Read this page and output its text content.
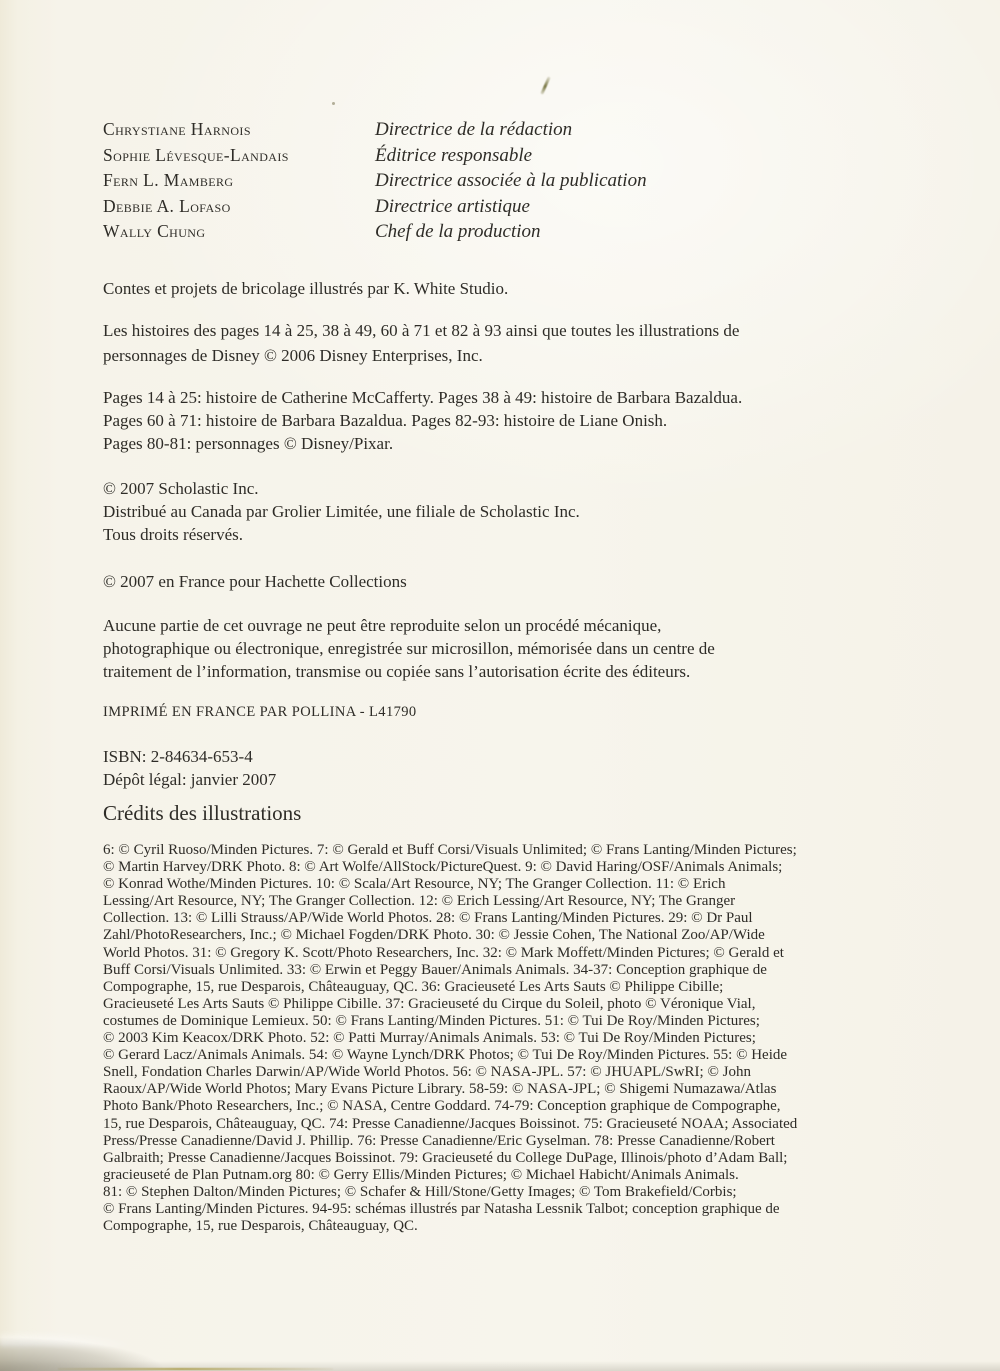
Chrystiane Harnois	Directrice de la rédaction
Sophie Lévesque-Landais	Éditrice responsable
Fern L. Mamberg	Directrice associée à la publication
Debbie A. Lofaso	Directrice artistique
Wally Chung	Chef de la production
Contes et projets de bricolage illustrés par K. White Studio.
Les histoires des pages 14 à 25, 38 à 49, 60 à 71 et 82 à 93 ainsi que toutes les illustrations de
personnages de Disney © 2006 Disney Enterprises, Inc.
Pages 14 à 25: histoire de Catherine McCafferty. Pages 38 à 49: histoire de Barbara Bazaldua.
Pages 60 à 71: histoire de Barbara Bazaldua. Pages 82-93: histoire de Liane Onish.
Pages 80-81: personnages © Disney/Pixar.
© 2007 Scholastic Inc.
Distribué au Canada par Grolier Limitée, une filiale de Scholastic Inc.
Tous droits réservés.
© 2007 en France pour Hachette Collections
Aucune partie de cet ouvrage ne peut être reproduite selon un procédé mécanique,
photographique ou électronique, enregistrée sur microsillon, mémorisée dans un centre de
traitement de l’information, transmise ou copiée sans l’autorisation écrite des éditeurs.
IMPRIMÉ EN FRANCE PAR POLLINA - L41790
ISBN: 2-84634-653-4
Dépôt légal: janvier 2007
Crédits des illustrations
6: © Cyril Ruoso/Minden Pictures. 7: © Gerald et Buff Corsi/Visuals Unlimited; © Frans Lanting/Minden Pictures;
© Martin Harvey/DRK Photo. 8: © Art Wolfe/AllStock/PictureQuest. 9: © David Haring/OSF/Animals Animals;
© Konrad Wothe/Minden Pictures. 10: © Scala/Art Resource, NY; The Granger Collection. 11: © Erich
Lessing/Art Resource, NY; The Granger Collection. 12: © Erich Lessing/Art Resource, NY; The Granger
Collection. 13: © Lilli Strauss/AP/Wide World Photos. 28: © Frans Lanting/Minden Pictures. 29: © Dr Paul
Zahl/PhotoResearchers, Inc.; © Michael Fogden/DRK Photo. 30: © Jessie Cohen, The National Zoo/AP/Wide
World Photos. 31: © Gregory K. Scott/Photo Researchers, Inc. 32: © Mark Moffett/Minden Pictures; © Gerald et
Buff Corsi/Visuals Unlimited. 33: © Erwin et Peggy Bauer/Animals Animals. 34-37: Conception graphique de
Compographe, 15, rue Desparois, Châteauguay, QC. 36: Gracieuseté Les Arts Sauts © Philippe Cibille;
Gracieuseté Les Arts Sauts © Philippe Cibille. 37: Gracieuseté du Cirque du Soleil, photo © Véronique Vial,
costumes de Dominique Lemieux. 50: © Frans Lanting/Minden Pictures. 51: © Tui De Roy/Minden Pictures;
© 2003 Kim Keacox/DRK Photo. 52: © Patti Murray/Animals Animals. 53: © Tui De Roy/Minden Pictures;
© Gerard Lacz/Animals Animals. 54: © Wayne Lynch/DRK Photos; © Tui De Roy/Minden Pictures. 55: © Heide
Snell, Fondation Charles Darwin/AP/Wide World Photos. 56: © NASA-JPL. 57: © JHUAPL/SwRI; © John
Raoux/AP/Wide World Photos; Mary Evans Picture Library. 58-59: © NASA-JPL; © Shigemi Numazawa/Atlas
Photo Bank/Photo Researchers, Inc.; © NASA, Centre Goddard. 74-79: Conception graphique de Compographe,
15, rue Desparois, Châteauguay, QC. 74: Presse Canadienne/Jacques Boissinot. 75: Gracieuseté NOAA; Associated
Press/Presse Canadienne/David J. Phillip. 76: Presse Canadienne/Eric Gyselman. 78: Presse Canadienne/Robert
Galbraith; Presse Canadienne/Jacques Boissinot. 79: Gracieuseté du College DuPage, Illinois/photo d’Adam Ball;
gracieuseté de Plan Putnam.org 80: © Gerry Ellis/Minden Pictures; © Michael Habicht/Animals Animals.
81: © Stephen Dalton/Minden Pictures; © Schafer & Hill/Stone/Getty Images; © Tom Brakefield/Corbis;
© Frans Lanting/Minden Pictures. 94-95: schémas illustrés par Natasha Lessnik Talbot; conception graphique de
Compographe, 15, rue Desparois, Châteauguay, QC.
